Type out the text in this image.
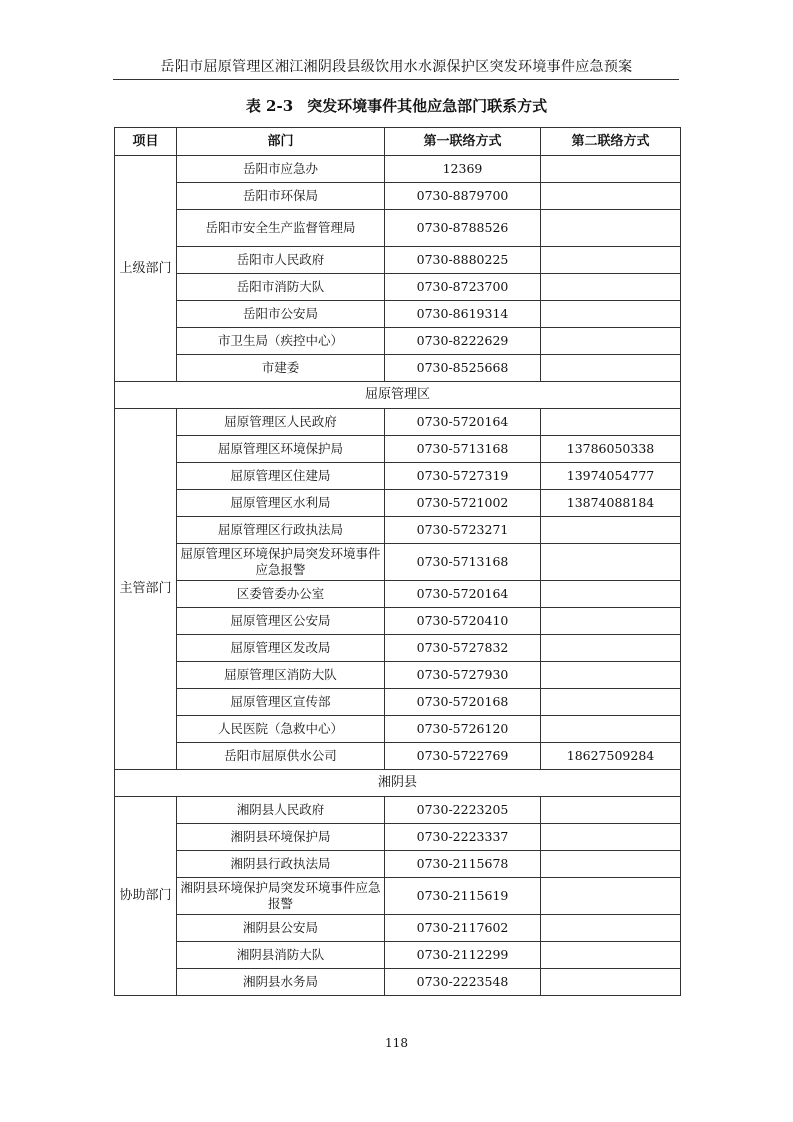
岳阳市屈原管理区湘江湘阴段县级饮用水水源保护区突发环境事件应急预案
表 2-3 突发环境事件其他应急部门联系方式
项目	部门	第一联络方式	第二联络方式
上级部门	岳阳市应急办	12369	
	岳阳市环保局	0730-8879700	
	岳阳市安全生产监督管理局	0730-8788526	
	岳阳市人民政府	0730-8880225	
	岳阳市消防大队	0730-8723700	
	岳阳市公安局	0730-8619314	
	市卫生局（疾控中心）	0730-8222629	
	市建委	0730-8525668	
屈原管理区			
主管部门	屈原管理区人民政府	0730-5720164	
	屈原管理区环境保护局	0730-5713168	13786050338
	屈原管理区住建局	0730-5727319	13974054777
	屈原管理区水利局	0730-5721002	13874088184
	屈原管理区行政执法局	0730-5723271	
	屈原管理区环境保护局突发环境事件应急报警	0730-5713168	
	区委管委办公室	0730-5720164	
	屈原管理区公安局	0730-5720410	
	屈原管理区发改局	0730-5727832	
	屈原管理区消防大队	0730-5727930	
	屈原管理区宣传部	0730-5720168	
	人民医院（急救中心）	0730-5726120	
	岳阳市屈原供水公司	0730-5722769	18627509284
湘阴县			
协助部门	湘阴县人民政府	0730-2223205	
	湘阴县环境保护局	0730-2223337	
	湘阴县行政执法局	0730-2115678	
	湘阴县环境保护局突发环境事件应急报警	0730-2115619	
	湘阴县公安局	0730-2117602	
	湘阴县消防大队	0730-2112299	
	湘阴县水务局	0730-2223548	
118
